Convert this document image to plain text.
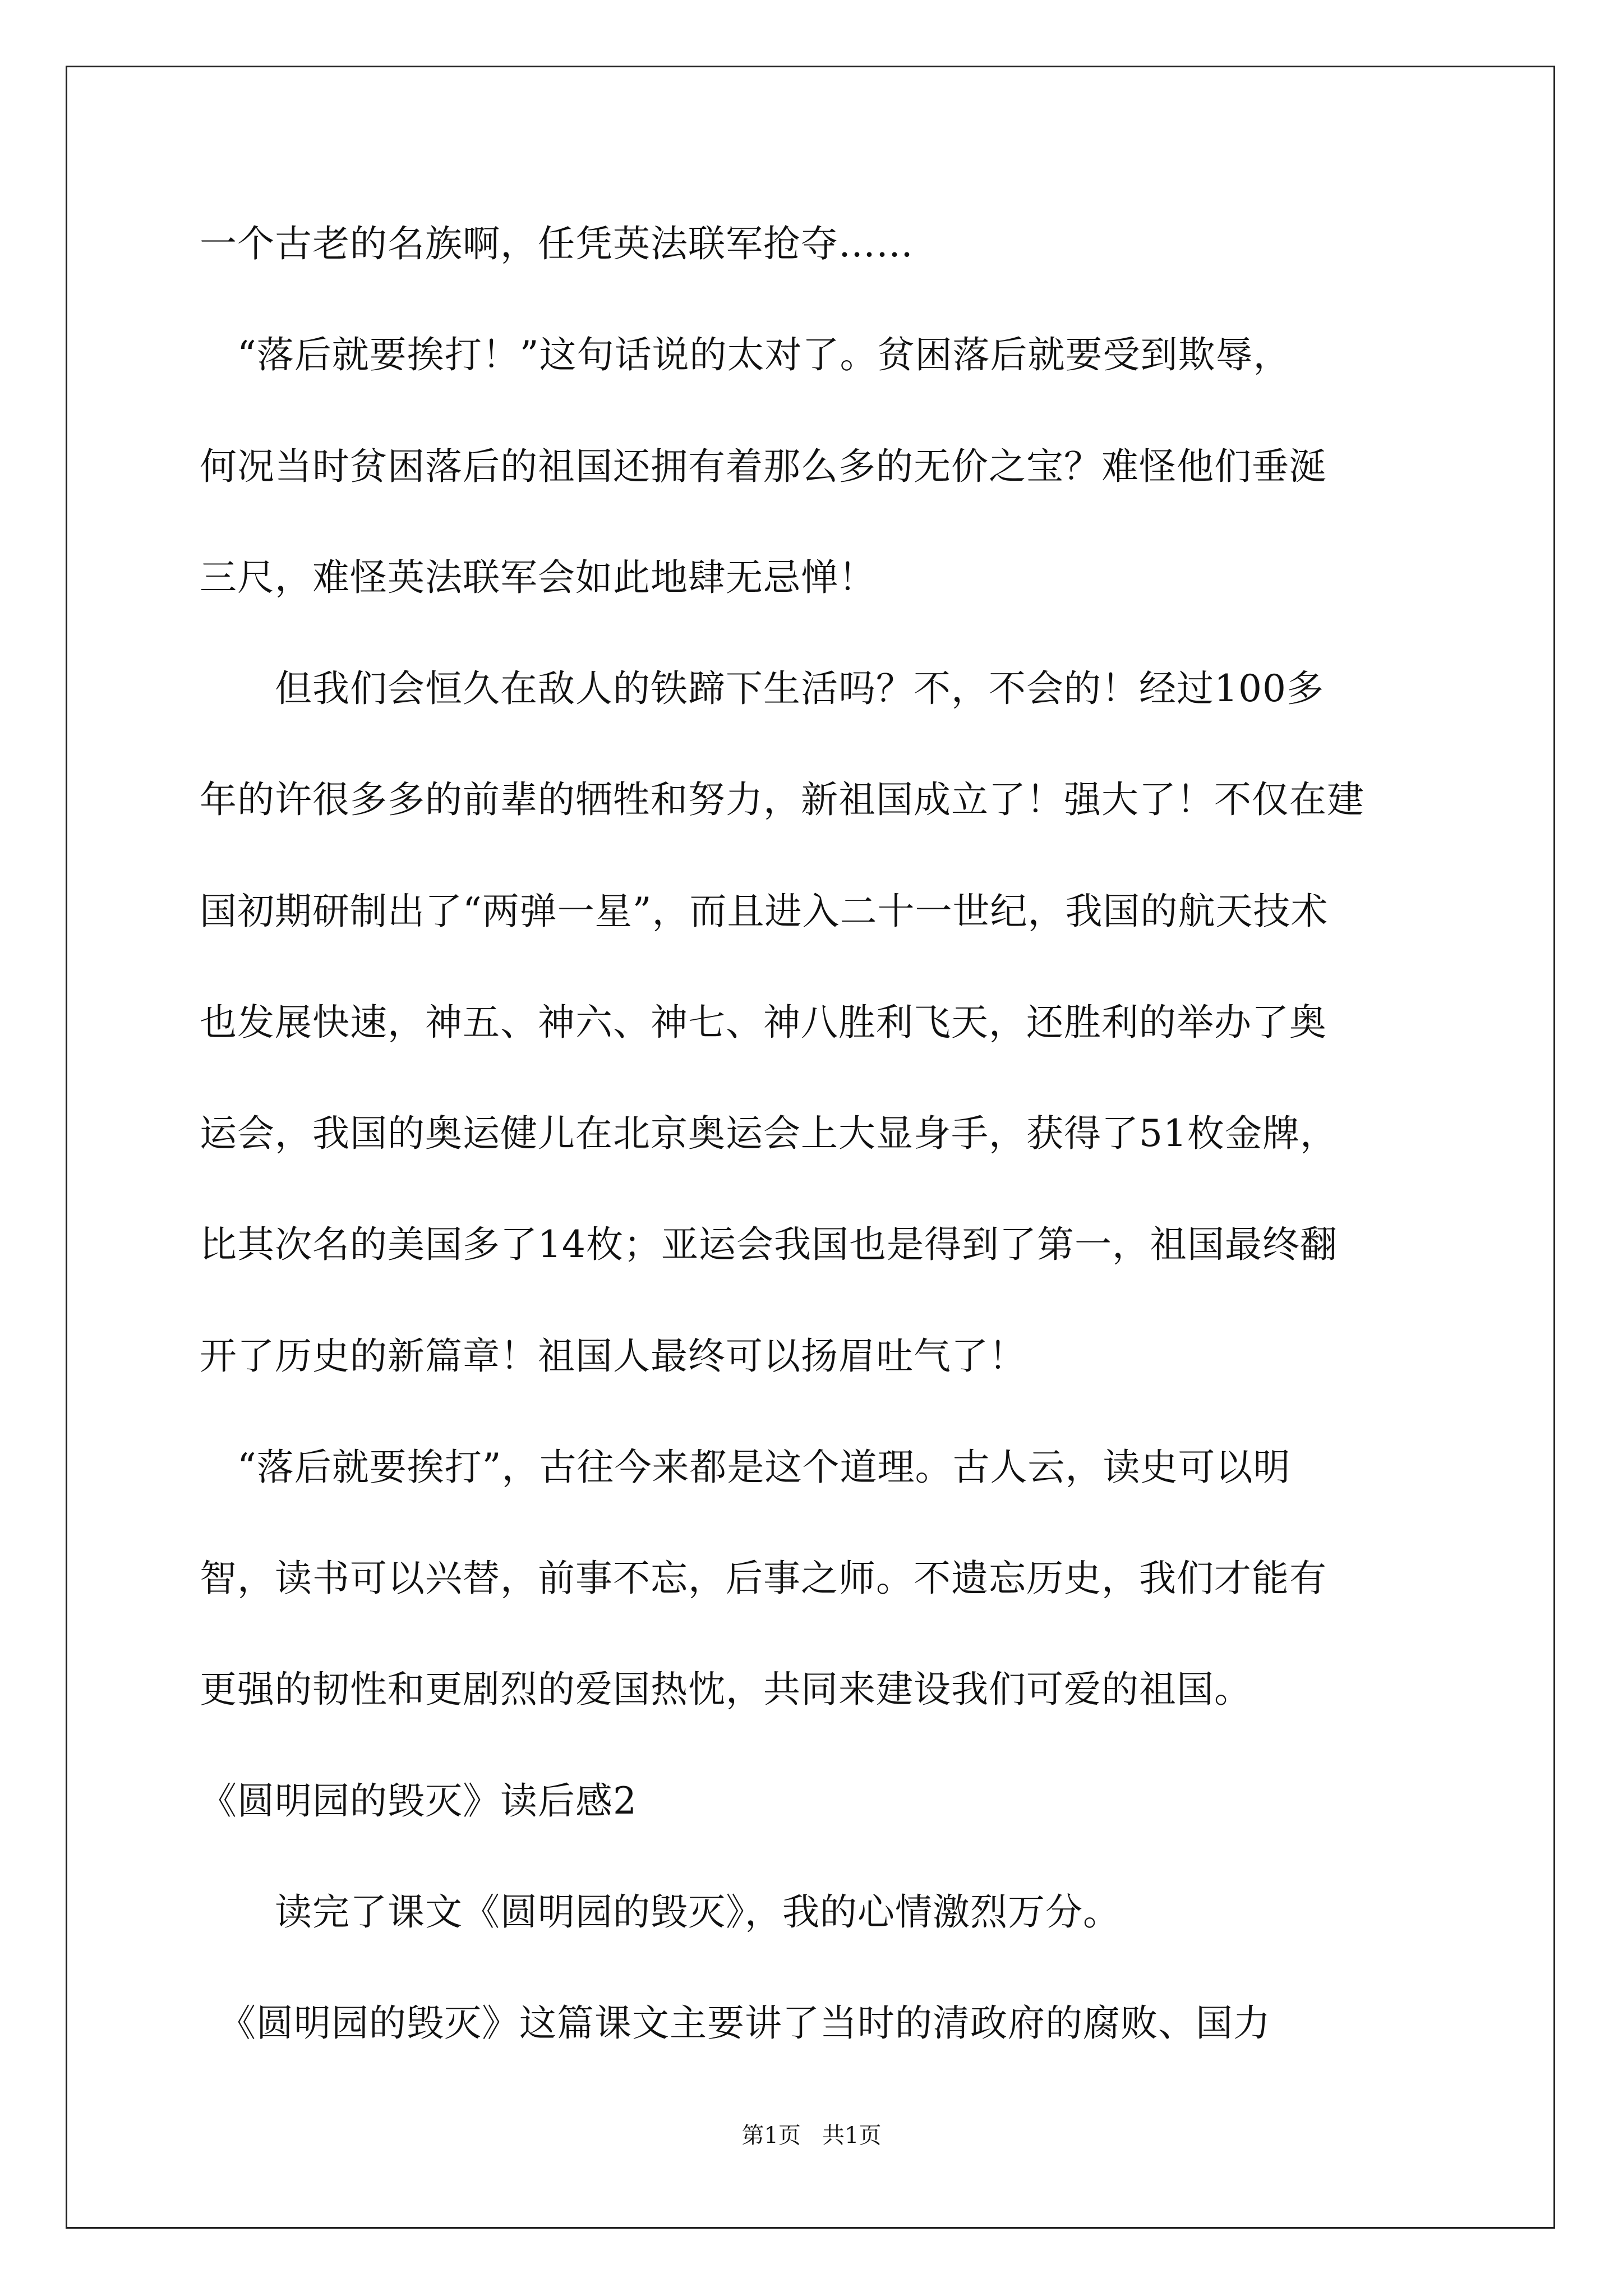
一个古老的名族啊，任凭英法联军抢夺……
　“落后就要挨打！”这句话说的太对了。贫困落后就要受到欺辱，
何况当时贫困落后的祖国还拥有着那么多的无价之宝？难怪他们垂涎
三尺，难怪英法联军会如此地肆无忌惮！
　　但我们会恒久在敌人的铁蹄下生活吗？不，不会的！经过100多
年的许很多多的前辈的牺牲和努力，新祖国成立了！强大了！不仅在建
国初期研制出了“两弹一星”，而且进入二十一世纪，我国的航天技术
也发展快速，神五、神六、神七、神八胜利飞天，还胜利的举办了奥
运会，我国的奥运健儿在北京奥运会上大显身手，获得了51枚金牌，
比其次名的美国多了14枚；亚运会我国也是得到了第一，祖国最终翻
开了历史的新篇章！祖国人最终可以扬眉吐气了！
　“落后就要挨打”，古往今来都是这个道理。古人云，读史可以明
智，读书可以兴替，前事不忘，后事之师。不遗忘历史，我们才能有
更强的韧性和更剧烈的爱国热忱，共同来建设我们可爱的祖国。
《圆明园的毁灭》读后感2
　　读完了课文《圆明园的毁灭》，我的心情激烈万分。
　《圆明园的毁灭》这篇课文主要讲了当时的清政府的腐败、国力
第1页   共1页
